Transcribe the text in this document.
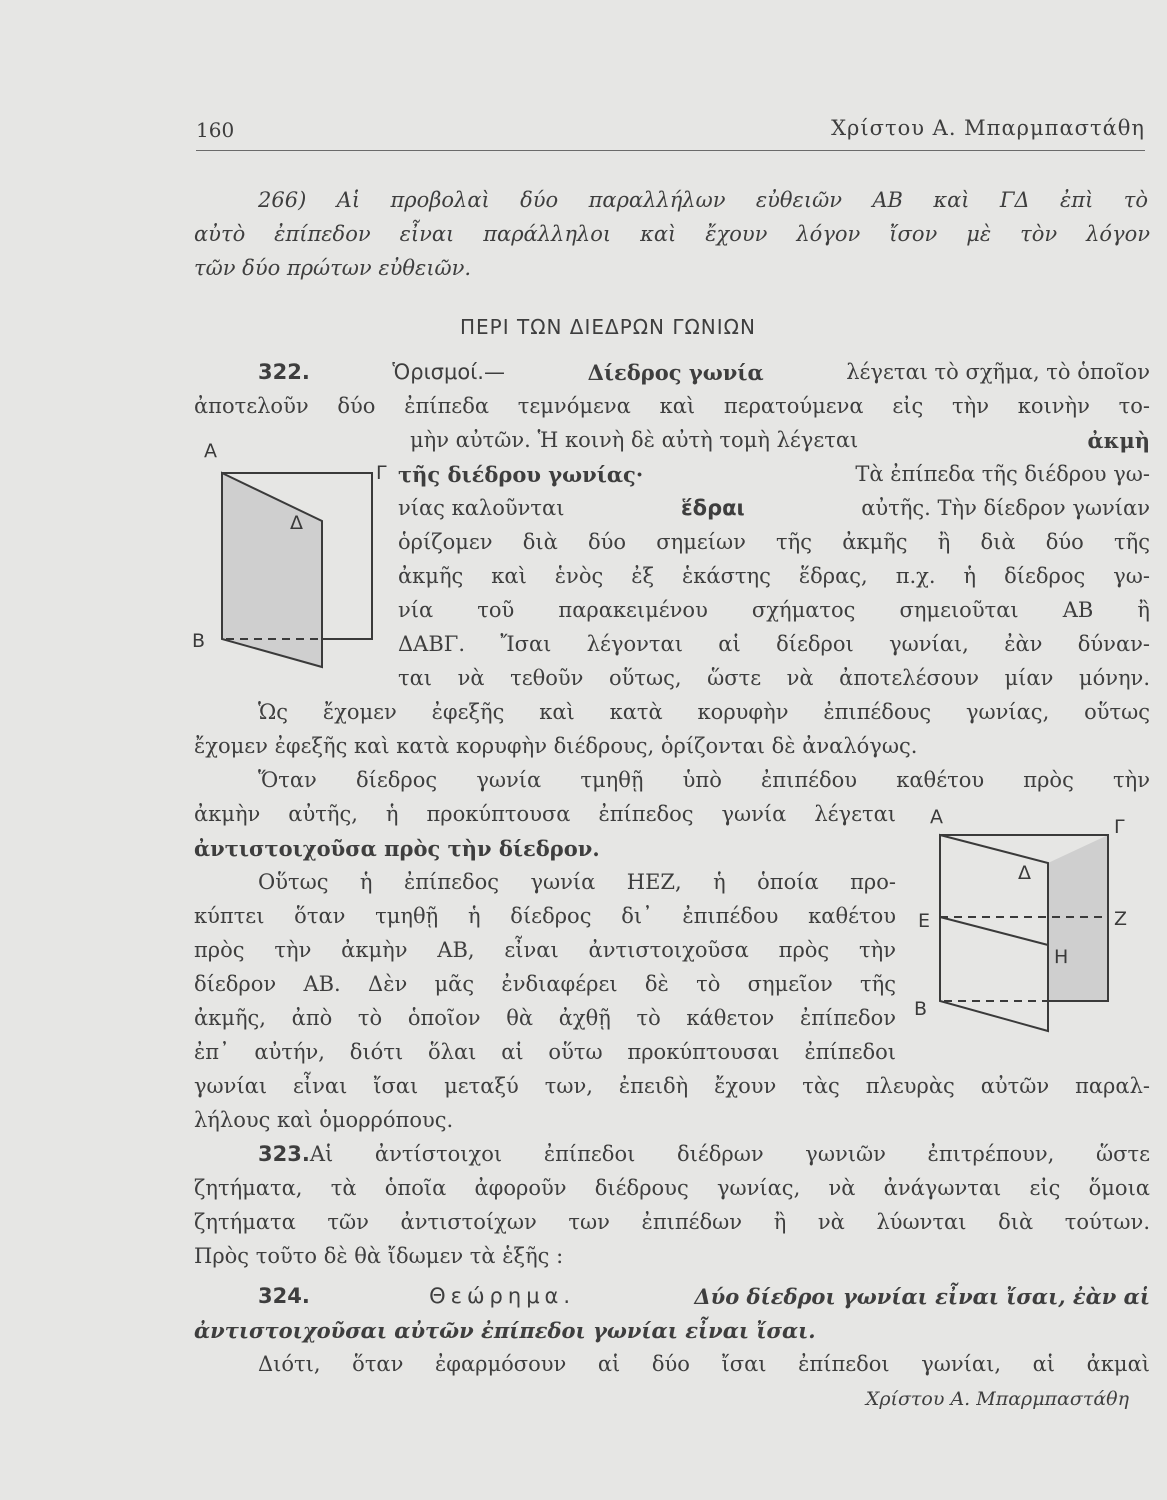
160	Χρίστου Α. Μπαρμπαστάθη
266) Αἱ προβολαὶ δύο παραλλήλων εὐθειῶν ΑΒ καὶ ΓΔ ἐπὶ τὸ
αὐτὸ ἐπίπεδον εἶναι παράλληλοι καὶ ἔχουν λόγον ἴσον μὲ τὸν λόγον
τῶν δύο πρώτων εὐθειῶν.
ΠΕΡΙ ΤΩΝ ΔΙΕΔΡΩΝ ΓΩΝΙΩΝ
322.	Ὁρισμοί.—	Δίεδρος γωνία	λέγεται τὸ σχῆμα, τὸ ὁποῖον
ἀποτελοῦν δύο ἐπίπεδα τεμνόμενα καὶ περατούμενα εἰς τὴν κοινὴν το-
μὴν αὐτῶν. Ἡ κοινὴ δὲ αὐτὴ τομὴ λέγεται	ἀκμὴ
τῆς διέδρου γωνίας·	Τὰ ἐπίπεδα τῆς διέδρου γω-
νίας καλοῦνται	ἕδραι	αὐτῆς. Τὴν δίεδρον γωνίαν
ὁρίζομεν διὰ δύο σημείων τῆς ἀκμῆς ἢ διὰ δύο τῆς
ἀκμῆς καὶ ἑνὸς ἐξ ἑκάστης ἕδρας, π.χ. ἡ δίεδρος γω-
νία τοῦ παρακειμένου σχήματος σημειοῦται ΑΒ ἢ
ΔΑΒΓ. Ἴσαι λέγονται αἱ δίεδροι γωνίαι, ἐὰν δύναν-
ται νὰ τεθοῦν οὕτως, ὥστε νὰ ἀποτελέσουν μίαν μόνην.
Ὡς ἔχομεν ἐφεξῆς καὶ κατὰ κορυφὴν ἐπιπέδους γωνίας, οὕτως
ἔχομεν ἐφεξῆς καὶ κατὰ κορυφὴν διέδρους, ὁρίζονται δὲ ἀναλόγως.
Ὅταν δίεδρος γωνία τμηθῇ ὑπὸ ἐπιπέδου καθέτου πρὸς τὴν
ἀκμὴν αὐτῆς, ἡ προκύπτουσα ἐπίπεδος γωνία λέγεται
ἀντιστοιχοῦσα πρὸς τὴν δίεδρον.
Οὕτως ἡ ἐπίπεδος γωνία ΗΕΖ, ἡ ὁποία προ-
κύπτει ὅταν τμηθῇ ἡ δίεδρος δι᾽ ἐπιπέδου καθέτου
πρὸς τὴν ἀκμὴν ΑΒ, εἶναι ἀντιστοιχοῦσα πρὸς τὴν
δίεδρον ΑΒ. Δὲν μᾶς ἐνδιαφέρει δὲ τὸ σημεῖον τῆς
ἀκμῆς, ἀπὸ τὸ ὁποῖον θὰ ἀχθῇ τὸ κάθετον ἐπίπεδον
ἐπ᾽ αὐτήν, διότι ὅλαι αἱ οὕτω προκύπτουσαι ἐπίπεδοι
γωνίαι εἶναι ἴσαι μεταξύ των, ἐπειδὴ ἔχουν τὰς πλευρὰς αὐτῶν παραλ-
λήλους καὶ ὁμορρόπους.
323. Αἱ ἀντίστοιχοι ἐπίπεδοι διέδρων γωνιῶν ἐπιτρέπουν, ὥστε
ζητήματα, τὰ ὁποῖα ἀφοροῦν διέδρους γωνίας, νὰ ἀνάγωνται εἰς ὅμοια
ζητήματα τῶν ἀντιστοίχων των ἐπιπέδων ἢ νὰ λύωνται διὰ τούτων.
Πρὸς τοῦτο δὲ θὰ ἴδωμεν τὰ ἑξῆς :
324.	Θεώρημα.	Δύο δίεδροι γωνίαι εἶναι ἴσαι, ἐὰν αἱ
ἀντιστοιχοῦσαι αὐτῶν ἐπίπεδοι γωνίαι εἶναι ἴσαι.
Διότι, ὅταν ἐφαρμόσουν αἱ δύο ἴσαι ἐπίπεδοι γωνίαι, αἱ ἀκμαὶ
Χρίστου Α. Μπαρμπαστάθη
Α
Γ
Δ
Β
Α	Γ
Δ
Ε	Ζ
Η
Β
